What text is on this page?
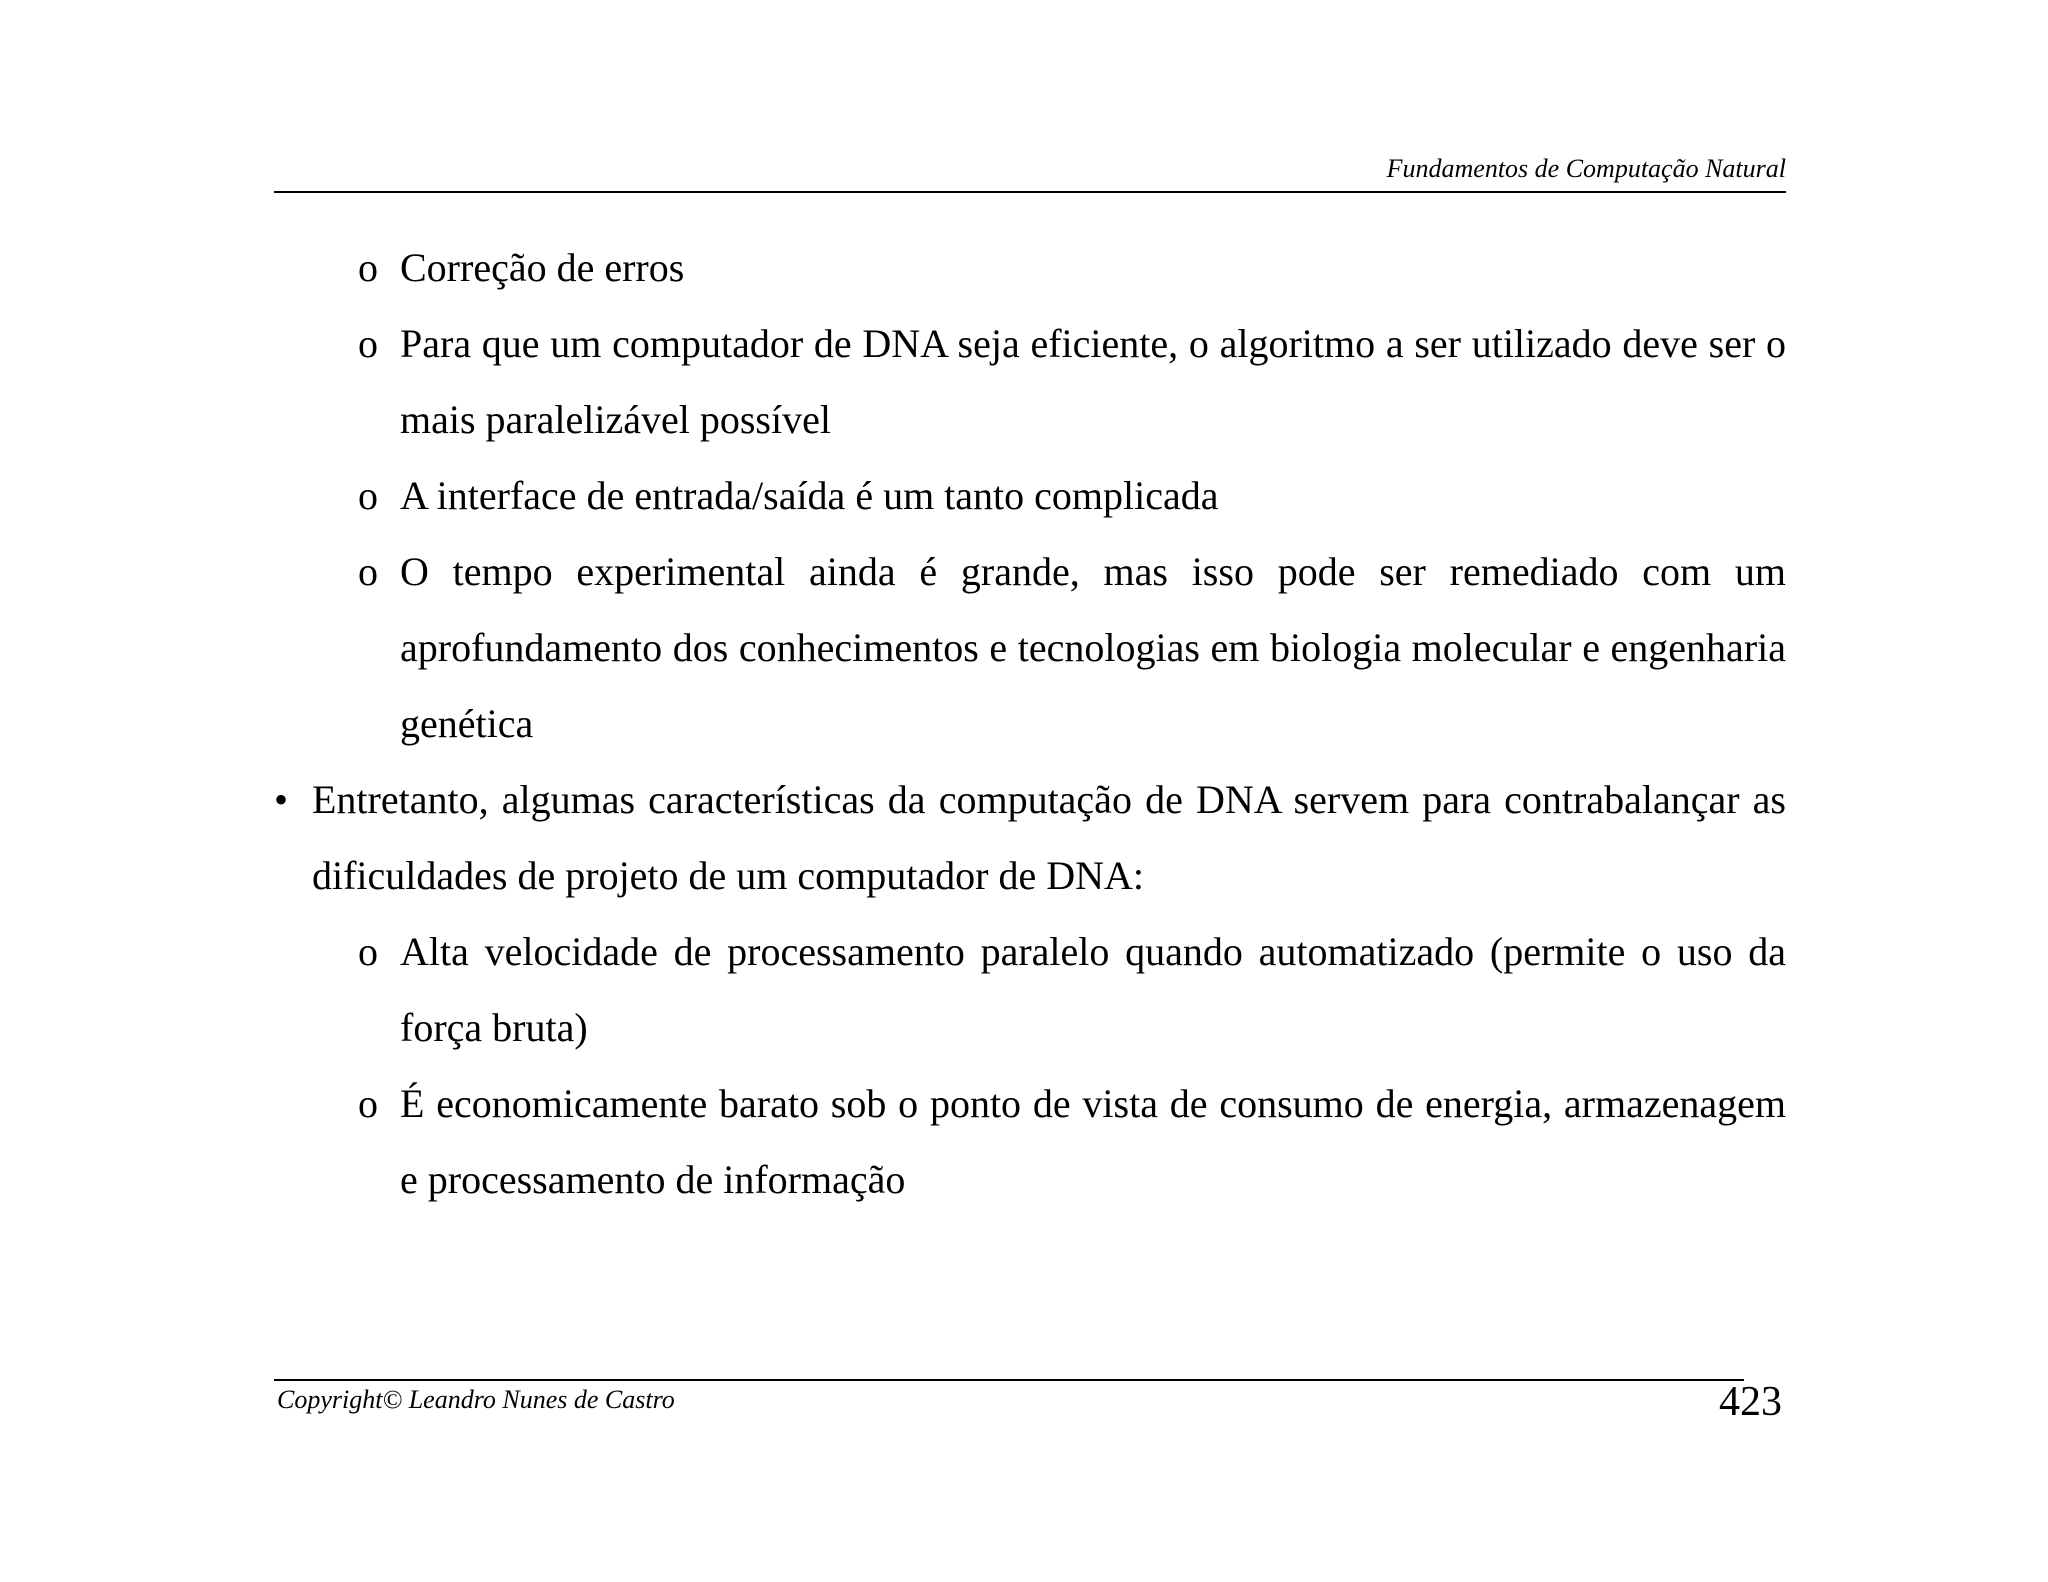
Fundamentos de Computação Natural
o Correção de erros
o Para que um computador de DNA seja eficiente, o algoritmo a ser utilizado deve ser o mais paralelizável possível
o A interface de entrada/saída é um tanto complicada
o O tempo experimental ainda é grande, mas isso pode ser remediado com um aprofundamento dos conhecimentos e tecnologias em biologia molecular e engenharia genética
• Entretanto, algumas características da computação de DNA servem para contrabalançar as dificuldades de projeto de um computador de DNA:
o Alta velocidade de processamento paralelo quando automatizado (permite o uso da força bruta)
o É economicamente barato sob o ponto de vista de consumo de energia, armazenagem e processamento de informação
Copyright© Leandro Nunes de Castro	423
